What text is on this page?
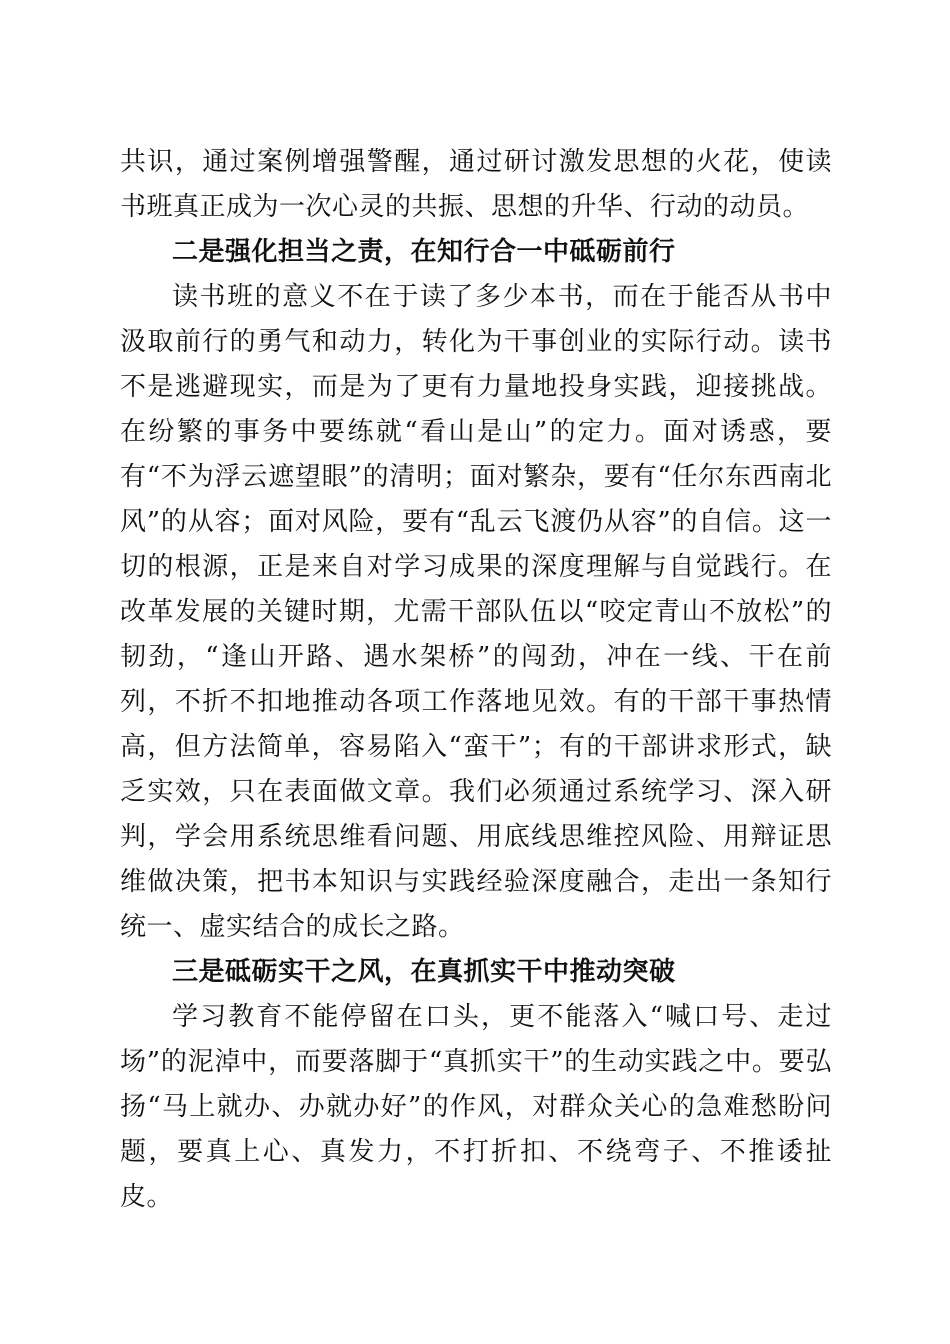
共识，通过案例增强警醒，通过研讨激发思想的火花，使读书班真正成为一次心灵的共振、思想的升华、行动的动员。

二是强化担当之责，在知行合一中砥砺前行

读书班的意义不在于读了多少本书，而在于能否从书中汲取前行的勇气和动力，转化为干事创业的实际行动。读书不是逃避现实，而是为了更有力量地投身实践，迎接挑战。在纷繁的事务中要练就“看山是山”的定力。面对诱惑，要有“不为浮云遮望眼”的清明；面对繁杂，要有“任尔东西南北风”的从容；面对风险，要有“乱云飞渡仍从容”的自信。这一切的根源，正是来自对学习成果的深度理解与自觉践行。在改革发展的关键时期，尤需干部队伍以“咬定青山不放松”的韧劲，“逢山开路、遇水架桥”的闯劲，冲在一线、干在前列，不折不扣地推动各项工作落地见效。有的干部干事热情高，但方法简单，容易陷入“蛮干”；有的干部讲求形式，缺乏实效，只在表面做文章。我们必须通过系统学习、深入研判，学会用系统思维看问题、用底线思维控风险、用辩证思维做决策，把书本知识与实践经验深度融合，走出一条知行统一、虚实结合的成长之路。

三是砥砺实干之风，在真抓实干中推动突破

学习教育不能停留在口头，更不能落入“喊口号、走过场”的泥淖中，而要落脚于“真抓实干”的生动实践之中。要弘扬“马上就办、办就办好”的作风，对群众关心的急难愁盼问题，要真上心、真发力，不打折扣、不绕弯子、不推诿扯皮。
